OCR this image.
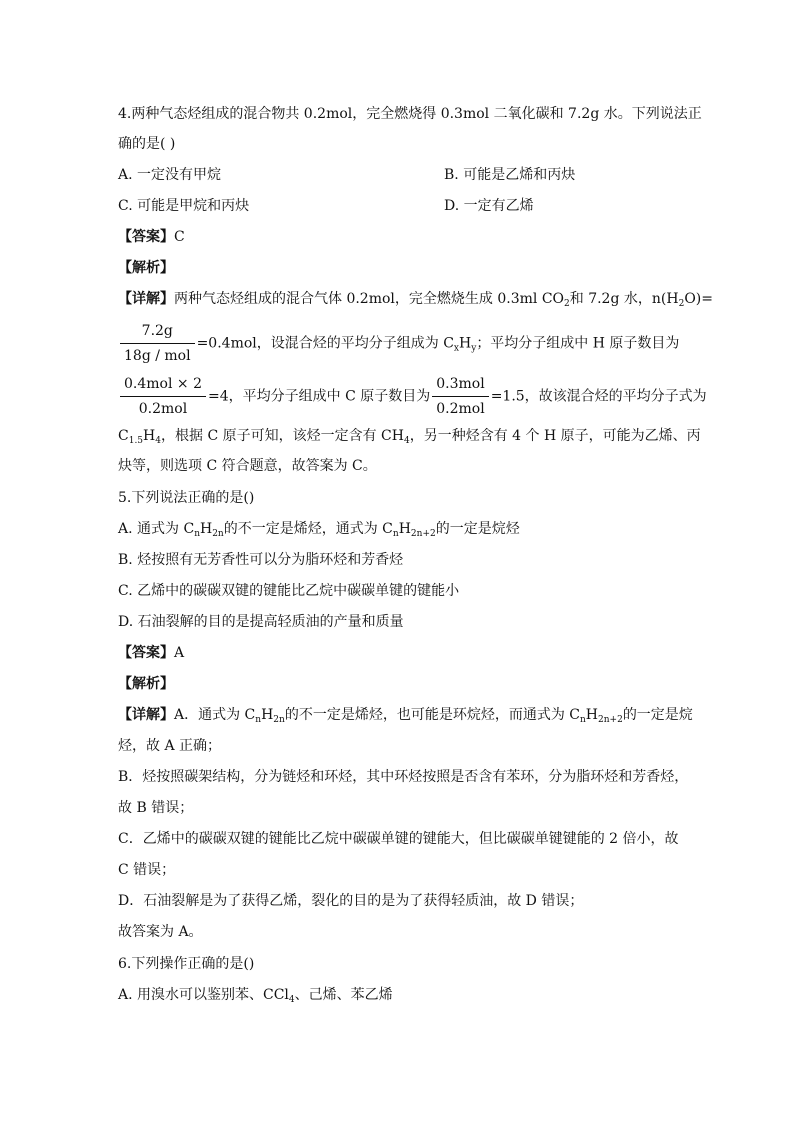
4.两种气态烃组成的混合物共 0.2mol，完全燃烧得 0.3mol 二氧化碳和 7.2g 水。下列说法正
确的是( )
A. 一定没有甲烷	B. 可能是乙烯和丙炔
C. 可能是甲烷和丙炔	D. 一定有乙烯
【答案】C
【解析】
【详解】两种气态烃组成的混合气体 0.2mol，完全燃烧生成 0.3ml $CO_2$和 7.2g 水，$n(H_2O)=$
$\frac{7.2g}{\text{18g / mol}} =0.4mol$，设混合烃的平均分子组成为 $C_xH_y$；平均分子组成中 H 原子数目为
$\frac{\text{0.4mol × 2}}{\text{0.2mol}} =4$，平均分子组成中 C 原子数目为 $\frac{\text{0.3mol}}{\text{0.2mol}} =1.5$，故该混合烃的平均分子式为
$C_{1.5}H_4$，根据 C 原子可知，该烃一定含有 $CH_4$，另一种烃含有 4 个 H 原子，可能为乙烯、丙
炔等，则选项 C 符合题意，故答案为 C。
5.下列说法正确的是()
A. 通式为 $C_nH_{2n}$的不一定是烯烃，通式为 $C_nH_{2n+2}$的一定是烷烃
B. 烃按照有无芳香性可以分为脂环烃和芳香烃
C. 乙烯中的碳碳双键的键能比乙烷中碳碳单键的键能小
D. 石油裂解的目的是提高轻质油的产量和质量
【答案】A
【解析】
【详解】A．通式为 $C_nH_{2n}$的不一定是烯烃，也可能是环烷烃，而通式为 $C_nH_{2n+2}$的一定是烷
烃，故 A 正确；
B．烃按照碳架结构，分为链烃和环烃，其中环烃按照是否含有苯环，分为脂环烃和芳香烃，
故 B 错误；
C．乙烯中的碳碳双键的键能比乙烷中碳碳单键的键能大，但比碳碳单键键能的 2 倍小，故
C 错误；
D．石油裂解是为了获得乙烯，裂化的目的是为了获得轻质油，故 D 错误；
故答案为 A。
6.下列操作正确的是()
A. 用溴水可以鉴别苯、CCl$_4$、己烯、苯乙烯
